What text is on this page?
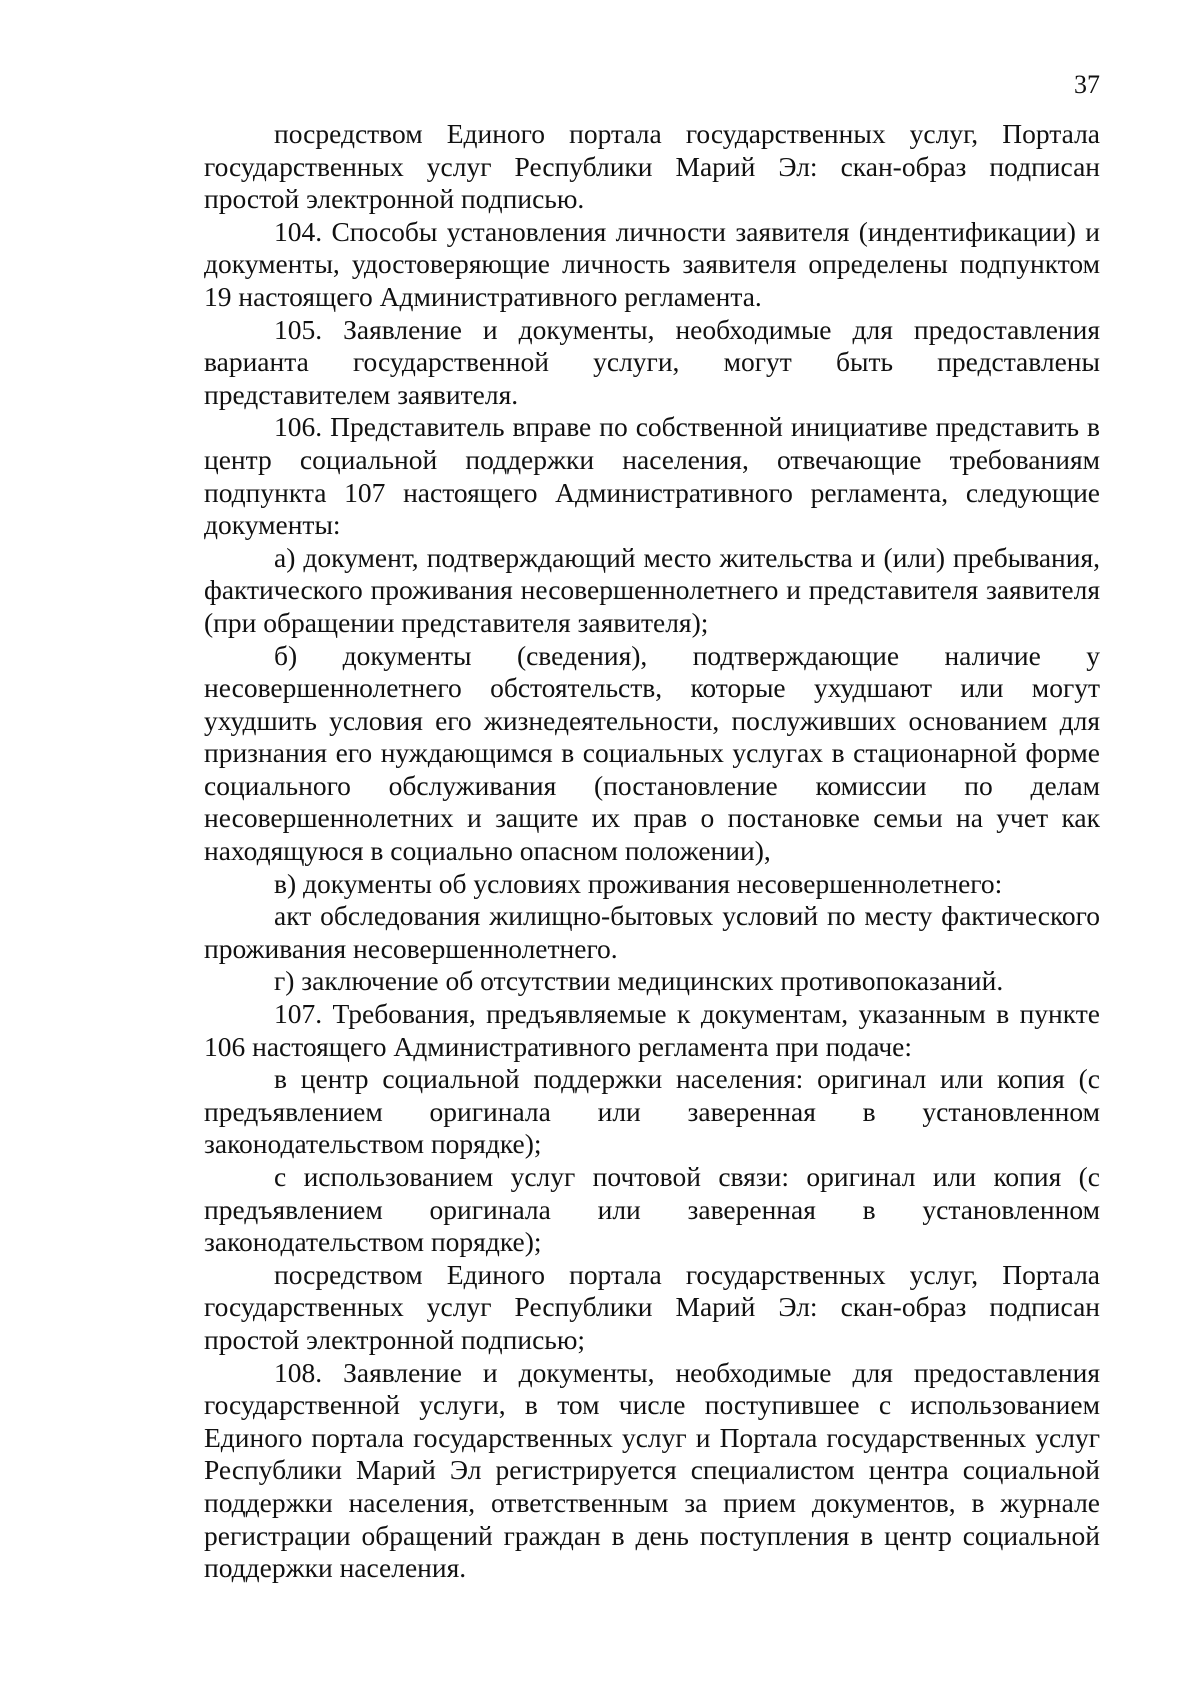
37

посредством Единого портала государственных услуг, Портала государственных услуг Республики Марий Эл: скан-образ подписан простой электронной подписью.

104. Способы установления личности заявителя (индентификации) и документы, удостоверяющие личность заявителя определены подпунктом 19 настоящего Административного регламента.

105. Заявление и документы, необходимые для предоставления варианта государственной услуги, могут быть представлены представителем заявителя.

106. Представитель вправе по собственной инициативе представить в центр социальной поддержки населения, отвечающие требованиям подпункта 107 настоящего Административного регламента, следующие документы:

а) документ, подтверждающий место жительства и (или) пребывания, фактического проживания несовершеннолетнего и представителя заявителя (при обращении представителя заявителя);

б) документы (сведения), подтверждающие наличие у несовершеннолетнего обстоятельств, которые ухудшают или могут ухудшить условия его жизнедеятельности, послуживших основанием для признания его нуждающимся в социальных услугах в стационарной форме социального обслуживания (постановление комиссии по делам несовершеннолетних и защите их прав о постановке семьи на учет как находящуюся в социально опасном положении),

в) документы об условиях проживания несовершеннолетнего:

акт обследования жилищно-бытовых условий по месту фактического проживания несовершеннолетнего.

г) заключение об отсутствии медицинских противопоказаний.

107. Требования, предъявляемые к документам, указанным в пункте 106 настоящего Административного регламента при подаче:

в центр социальной поддержки населения: оригинал или копия (с предъявлением оригинала или заверенная в установленном законодательством порядке);

с использованием услуг почтовой связи: оригинал или копия (с предъявлением оригинала или заверенная в установленном законодательством порядке);

посредством Единого портала государственных услуг, Портала государственных услуг Республики Марий Эл: скан-образ подписан простой электронной подписью;

108. Заявление и документы, необходимые для предоставления государственной услуги, в том числе поступившее с использованием Единого портала государственных услуг и Портала государственных услуг Республики Марий Эл регистрируется специалистом центра социальной поддержки населения, ответственным за прием документов, в журнале регистрации обращений граждан в день поступления в центр социальной поддержки населения.
